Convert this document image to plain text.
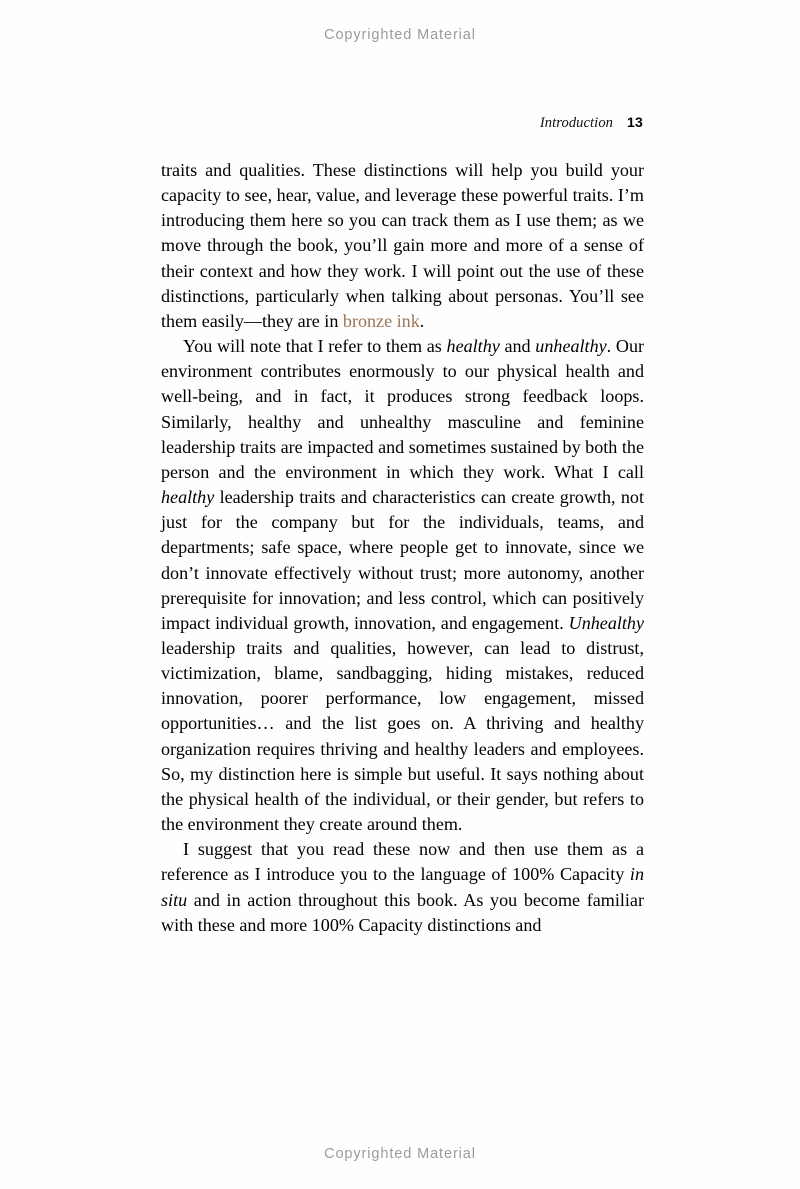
Copyrighted Material
Introduction 13

traits and qualities. These distinctions will help you build your capacity to see, hear, value, and leverage these powerful traits. I’m introducing them here so you can track them as I use them; as we move through the book, you’ll gain more and more of a sense of their context and how they work. I will point out the use of these distinctions, particularly when talking about personas. You’ll see them easily—they are in bronze ink.

You will note that I refer to them as healthy and unhealthy. Our environment contributes enormously to our physical health and well-being, and in fact, it produces strong feedback loops. Similarly, healthy and unhealthy masculine and feminine leadership traits are impacted and sometimes sustained by both the person and the environment in which they work. What I call healthy leadership traits and characteristics can create growth, not just for the company but for the individuals, teams, and departments; safe space, where people get to innovate, since we don’t innovate effectively without trust; more autonomy, another prerequisite for innovation; and less control, which can positively impact individual growth, innovation, and engagement. Unhealthy leadership traits and qualities, however, can lead to distrust, victimization, blame, sandbagging, hiding mistakes, reduced innovation, poorer performance, low engagement, missed opportunities… and the list goes on. A thriving and healthy organization requires thriving and healthy leaders and employees. So, my distinction here is simple but useful. It says nothing about the physical health of the individual, or their gender, but refers to the environment they create around them.

I suggest that you read these now and then use them as a reference as I introduce you to the language of 100% Capacity in situ and in action throughout this book. As you become familiar with these and more 100% Capacity distinctions and

Copyrighted Material
